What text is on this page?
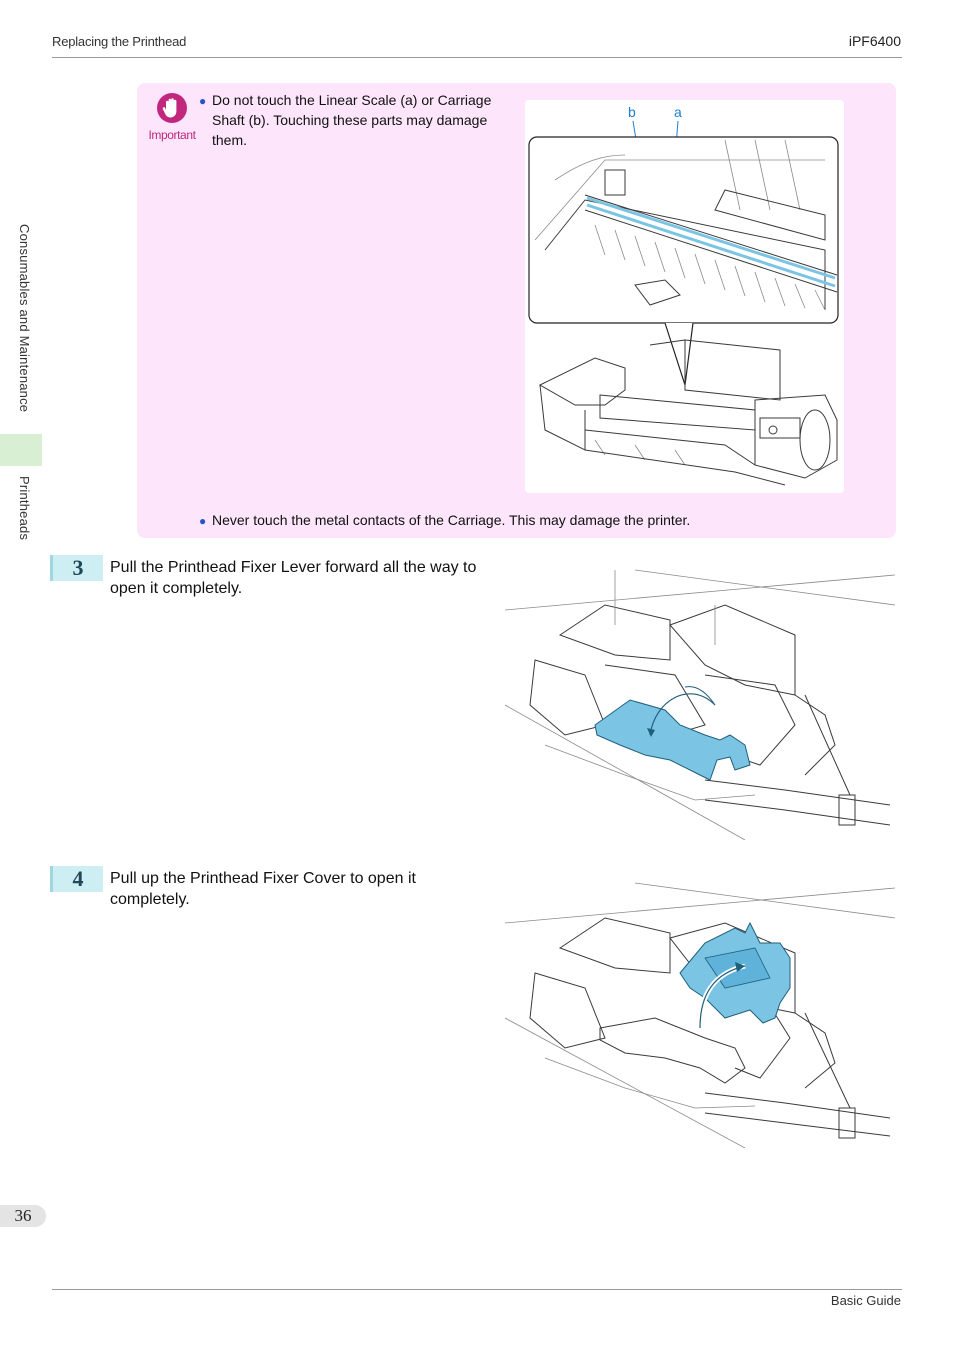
Replacing the Printhead	iPF6400
Consumables and Maintenance
Printheads
Important
● Do not touch the Linear Scale (a) or Carriage Shaft (b). Touching these parts may damage them.
b	a
● Never touch the metal contacts of the Carriage. This may damage the printer.
3	Pull the Printhead Fixer Lever forward all the way to open it completely.
4	Pull up the Printhead Fixer Cover to open it completely.
36
Basic Guide
